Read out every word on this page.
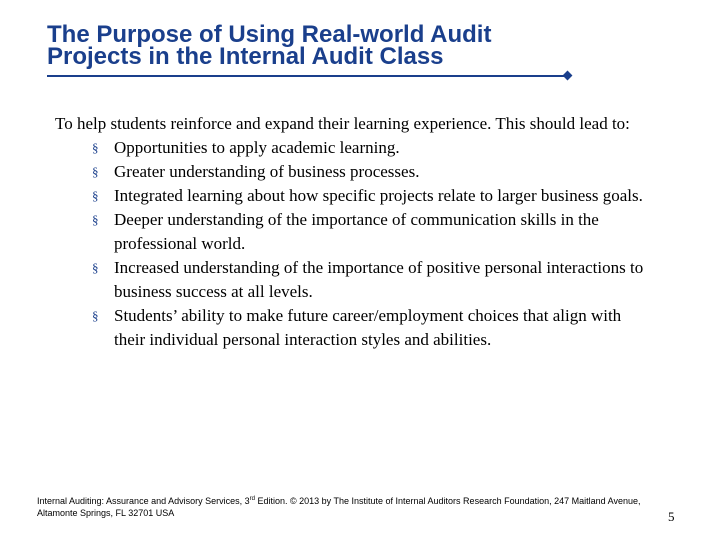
The Purpose of Using Real-world Audit
Projects in the Internal Audit Class

To help students reinforce and expand their learning experience. This should lead to:

§ Opportunities to apply academic learning.
§ Greater understanding of business processes.
§ Integrated learning about how specific projects relate to larger business goals.
§ Deeper understanding of the importance of communication skills in the professional world.
§ Increased understanding of the importance of positive personal interactions to business success at all levels.
§ Students’ ability to make future career/employment choices that align with their individual personal interaction styles and abilities.
Internal Auditing: Assurance and Advisory Services, 3rd Edition. © 2013 by The Institute of Internal Auditors Research Foundation, 247 Maitland Avenue, Altamonte Springs, FL 32701 USA	5
